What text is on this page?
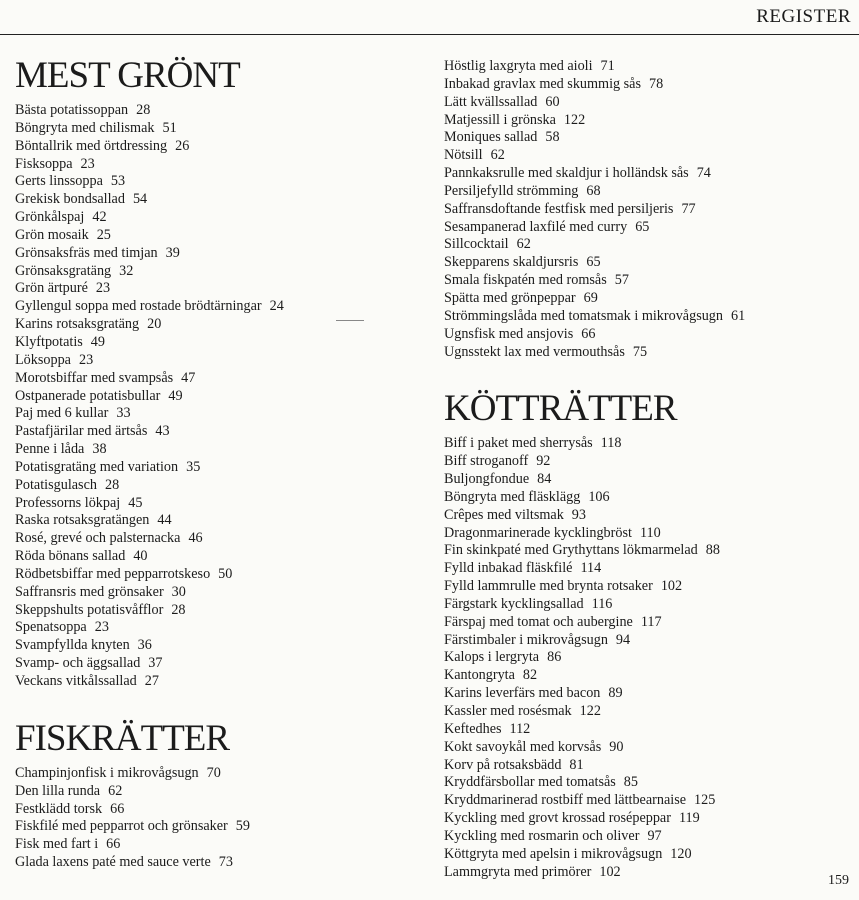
REGISTER
MEST GRÖNT
Bästa potatissoppan 28
Böngryta med chilismak 51
Böntallrik med örtdressing 26
Fisksoppa 23
Gerts linssoppa 53
Grekisk bondsallad 54
Grönkålspaj 42
Grön mosaik 25
Grönsaksfräs med timjan 39
Grönsaksgratäng 32
Grön ärtpuré 23
Gyllengul soppa med rostade brödtärningar 24
Karins rotsaksgratäng 20
Klyftpotatis 49
Löksoppa 23
Morotsbiffar med svampsås 47
Ostpanerade potatisbullar 49
Paj med 6 kullar 33
Pastafjärilar med ärtsås 43
Penne i låda 38
Potatisgratäng med variation 35
Potatisgulasch 28
Professorns lökpaj 45
Raska rotsaksgratängen 44
Rosé, grevé och palsternacka 46
Röda bönans sallad 40
Rödbetsbiffar med pepparrotskeso 50
Saffransris med grönsaker 30
Skeppshults potatisvåfflor 28
Spenatsoppa 23
Svampfyllda knyten 36
Svamp- och äggsallad 37
Veckans vitkålssallad 27
FISKRÄTTER
Champinjonfisk i mikrovågsugn 70
Den lilla runda 62
Festklädd torsk 66
Fiskfilé med pepparrot och grönsaker 59
Fisk med fart i 66
Glada laxens paté med sauce verte 73
Höstlig laxgryta med aioli 71
Inbakad gravlax med skummig sås 78
Lätt kvällssallad 60
Matjessill i grönska 122
Moniques sallad 58
Nötsill 62
Pannkaksrulle med skaldjur i holländsk sås 74
Persiljefylld strömming 68
Saffransdoftande festfisk med persiljeris 77
Sesampanerad laxfilé med curry 65
Sillcocktail 62
Skepparens skaldjursris 65
Smala fiskpatén med romsås 57
Spätta med grönpeppar 69
Strömmingslåda med tomatsmak i mikrovågsugn 61
Ugnsfisk med ansjovis 66
Ugnsstekt lax med vermouthsås 75
KÖTTRÄTTER
Biff i paket med sherrysås 118
Biff stroganoff 92
Buljongfondue 84
Böngryta med fläsklägg 106
Crêpes med viltsmak 93
Dragonmarinerade kycklingbröst 110
Fin skinkpaté med Grythyttans lökmarmelad 88
Fylld inbakad fläskfilé 114
Fylld lammrulle med brynta rotsaker 102
Färgstark kycklingsallad 116
Färspaj med tomat och aubergine 117
Färstimbaler i mikrovågsugn 94
Kalops i lergryta 86
Kantongryta 82
Karins leverfärs med bacon 89
Kassler med rosésmak 122
Keftedhes 112
Kokt savoykål med korvsås 90
Korv på rotsaksbädd 81
Kryddfärsbollar med tomatsås 85
Kryddmarinerad rostbiff med lättbearnaise 125
Kyckling med grovt krossad rosépeppar 119
Kyckling med rosmarin och oliver 97
Köttgryta med apelsin i mikrovågsugn 120
Lammgryta med primörer 102
159
